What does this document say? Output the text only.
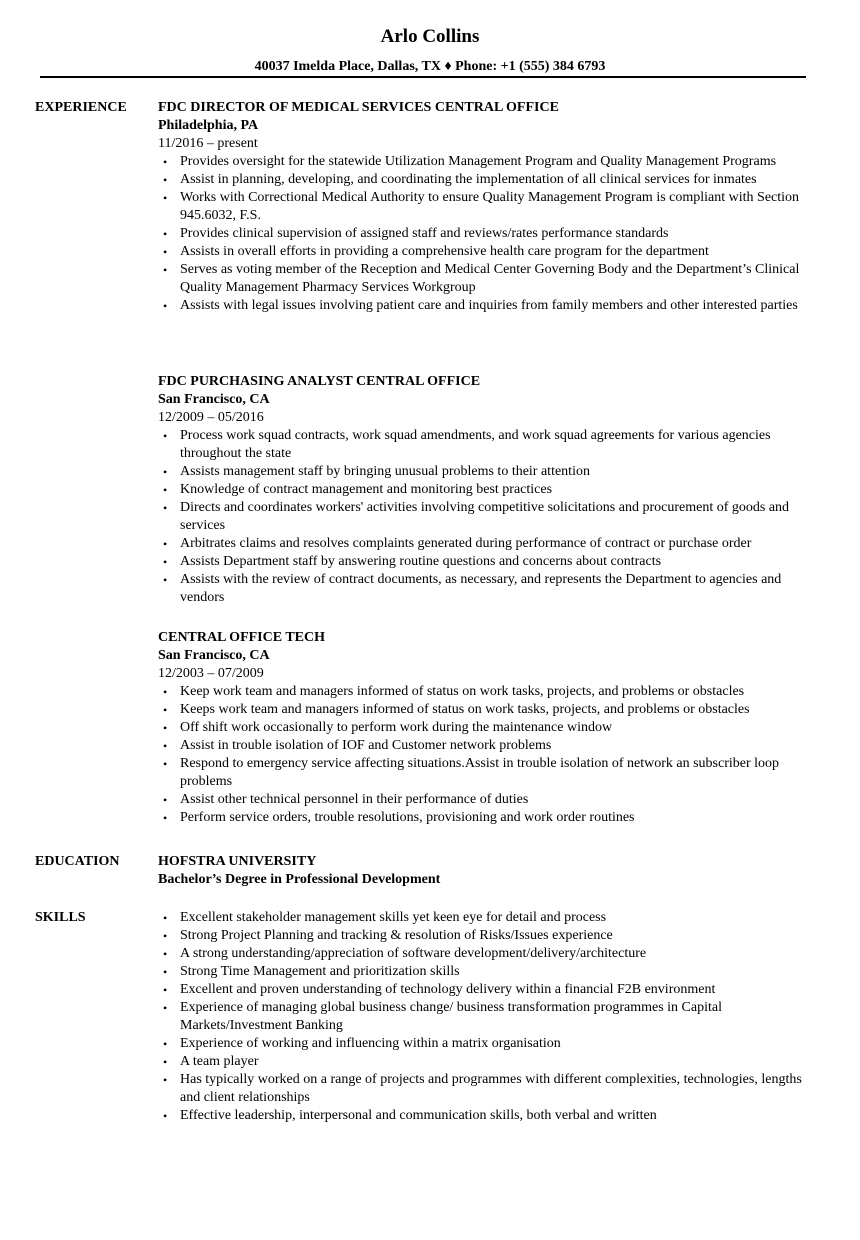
Arlo Collins
40037 Imelda Place, Dallas, TX ♦ Phone: +1 (555) 384 6793
EXPERIENCE FDC DIRECTOR OF MEDICAL SERVICES CENTRAL OFFICE
Philadelphia, PA
11/2016 – present
• Provides oversight for the statewide Utilization Management Program and Quality Management Programs
• Assist in planning, developing, and coordinating the implementation of all clinical services for inmates
• Works with Correctional Medical Authority to ensure Quality Management Program is compliant with Section 945.6032, F.S.
• Provides clinical supervision of assigned staff and reviews/rates performance standards
• Assists in overall efforts in providing a comprehensive health care program for the department
• Serves as voting member of the Reception and Medical Center Governing Body and the Department’s Clinical Quality Management Pharmacy Services Workgroup
• Assists with legal issues involving patient care and inquiries from family members and other interested parties
FDC PURCHASING ANALYST CENTRAL OFFICE
San Francisco, CA
12/2009 – 05/2016
• Process work squad contracts, work squad amendments, and work squad agreements for various agencies throughout the state
• Assists management staff by bringing unusual problems to their attention
• Knowledge of contract management and monitoring best practices
• Directs and coordinates workers' activities involving competitive solicitations and procurement of goods and services
• Arbitrates claims and resolves complaints generated during performance of contract or purchase order
• Assists Department staff by answering routine questions and concerns about contracts
• Assists with the review of contract documents, as necessary, and represents the Department to agencies and vendors
CENTRAL OFFICE TECH
San Francisco, CA
12/2003 – 07/2009
• Keep work team and managers informed of status on work tasks, projects, and problems or obstacles
• Keeps work team and managers informed of status on work tasks, projects, and problems or obstacles
• Off shift work occasionally to perform work during the maintenance window
• Assist in trouble isolation of IOF and Customer network problems
• Respond to emergency service affecting situations.Assist in trouble isolation of network an subscriber loop problems
• Assist other technical personnel in their performance of duties
• Perform service orders, trouble resolutions, provisioning and work order routines
EDUCATION	HOFSTRA UNIVERSITY
Bachelor’s Degree in Professional Development
SKILLS	• Excellent stakeholder management skills yet keen eye for detail and process
• Strong Project Planning and tracking & resolution of Risks/Issues experience
• A strong understanding/appreciation of software development/delivery/architecture
• Strong Time Management and prioritization skills
• Excellent and proven understanding of technology delivery within a financial F2B environment
• Experience of managing global business change/ business transformation programmes in Capital Markets/Investment Banking
• Experience of working and influencing within a matrix organisation
• A team player
• Has typically worked on a range of projects and programmes with different complexities, technologies, lengths and client relationships
• Effective leadership, interpersonal and communication skills, both verbal and written
